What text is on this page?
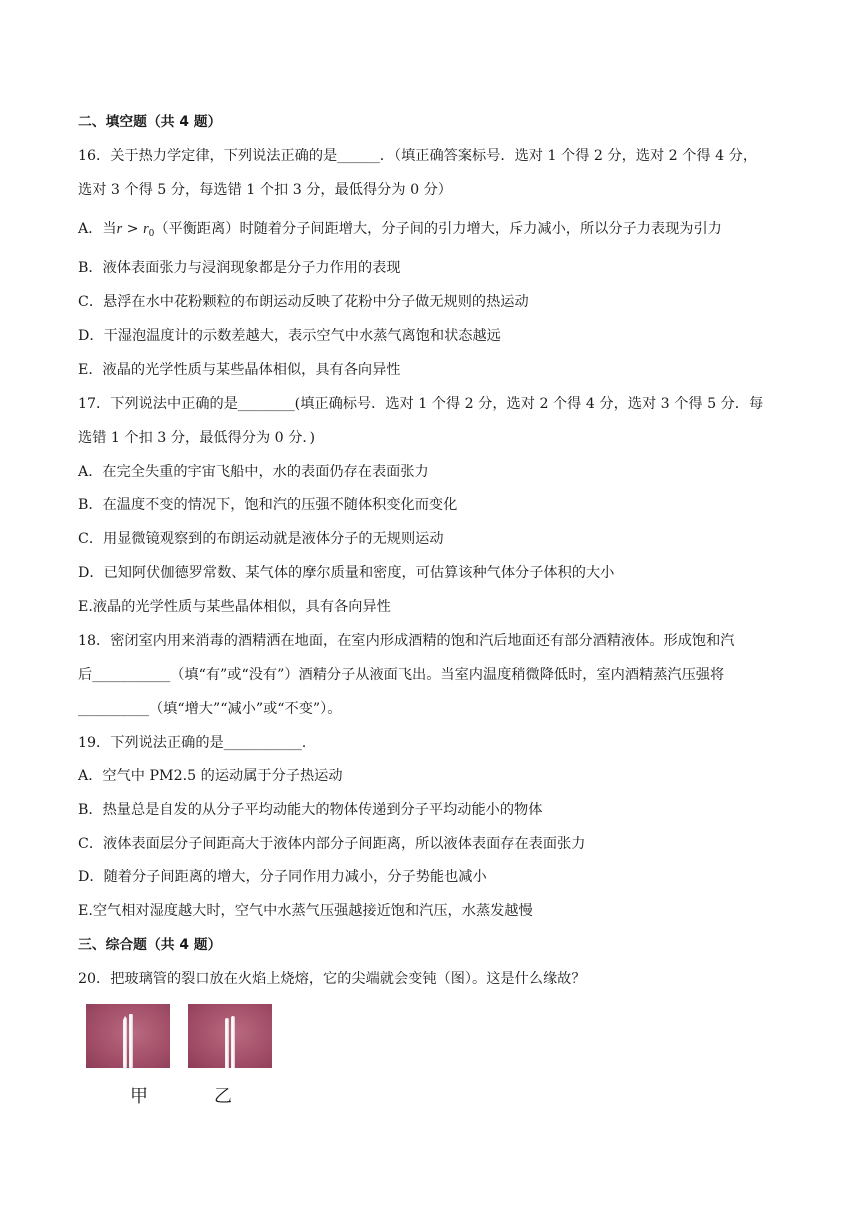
二、填空题（共 4 题）
16．关于热力学定律，下列说法正确的是______．（填正确答案标号．选对 1 个得 2 分，选对 2 个得 4 分，
选对 3 个得 5 分，每选错 1 个扣 3 分，最低得分为 0 分）
A．当$r > r_0$（平衡距离）时随着分子间距增大，分子间的引力增大，斥力减小，所以分子力表现为引力
B．液体表面张力与浸润现象都是分子力作用的表现
C．悬浮在水中花粉颗粒的布朗运动反映了花粉中分子做无规则的热运动
D．干湿泡温度计的示数差越大，表示空气中水蒸气离饱和状态越远
E．液晶的光学性质与某些晶体相似，具有各向异性
17．下列说法中正确的是________(填正确标号．选对 1 个得 2 分，选对 2 个得 4 分，选对 3 个得 5 分．每
选错 1 个扣 3 分，最低得分为 0 分．)
A．在完全失重的宇宙飞船中，水的表面仍存在表面张力
B．在温度不变的情况下，饱和汽的压强不随体积变化而变化
C．用显微镜观察到的布朗运动就是液体分子的无规则运动
D．已知阿伏伽德罗常数、某气体的摩尔质量和密度，可估算该种气体分子体积的大小
E.液晶的光学性质与某些晶体相似，具有各向异性
18．密闭室内用来消毒的酒精洒在地面，在室内形成酒精的饱和汽后地面还有部分酒精液体。形成饱和汽
后___________（填“有”或“没有”）酒精分子从液面飞出。当室内温度稍微降低时，室内酒精蒸汽压强将
__________（填“增大”“减小”或“不变”）。
19．下列说法正确的是___________.
A．空气中 PM2.5 的运动属于分子热运动
B．热量总是自发的从分子平均动能大的物体传递到分子平均动能小的物体
C．液体表面层分子间距高大于液体内部分子间距离，所以液体表面存在表面张力
D．随着分子间距离的增大，分子同作用力减小，分子势能也减小
E.空气相对湿度越大时，空气中水蒸气压强越接近饱和汽压，水蒸发越慢
三、综合题（共 4 题）
20．把玻璃管的裂口放在火焰上烧熔，它的尖端就会变钝（图）。这是什么缘故？
甲	乙
